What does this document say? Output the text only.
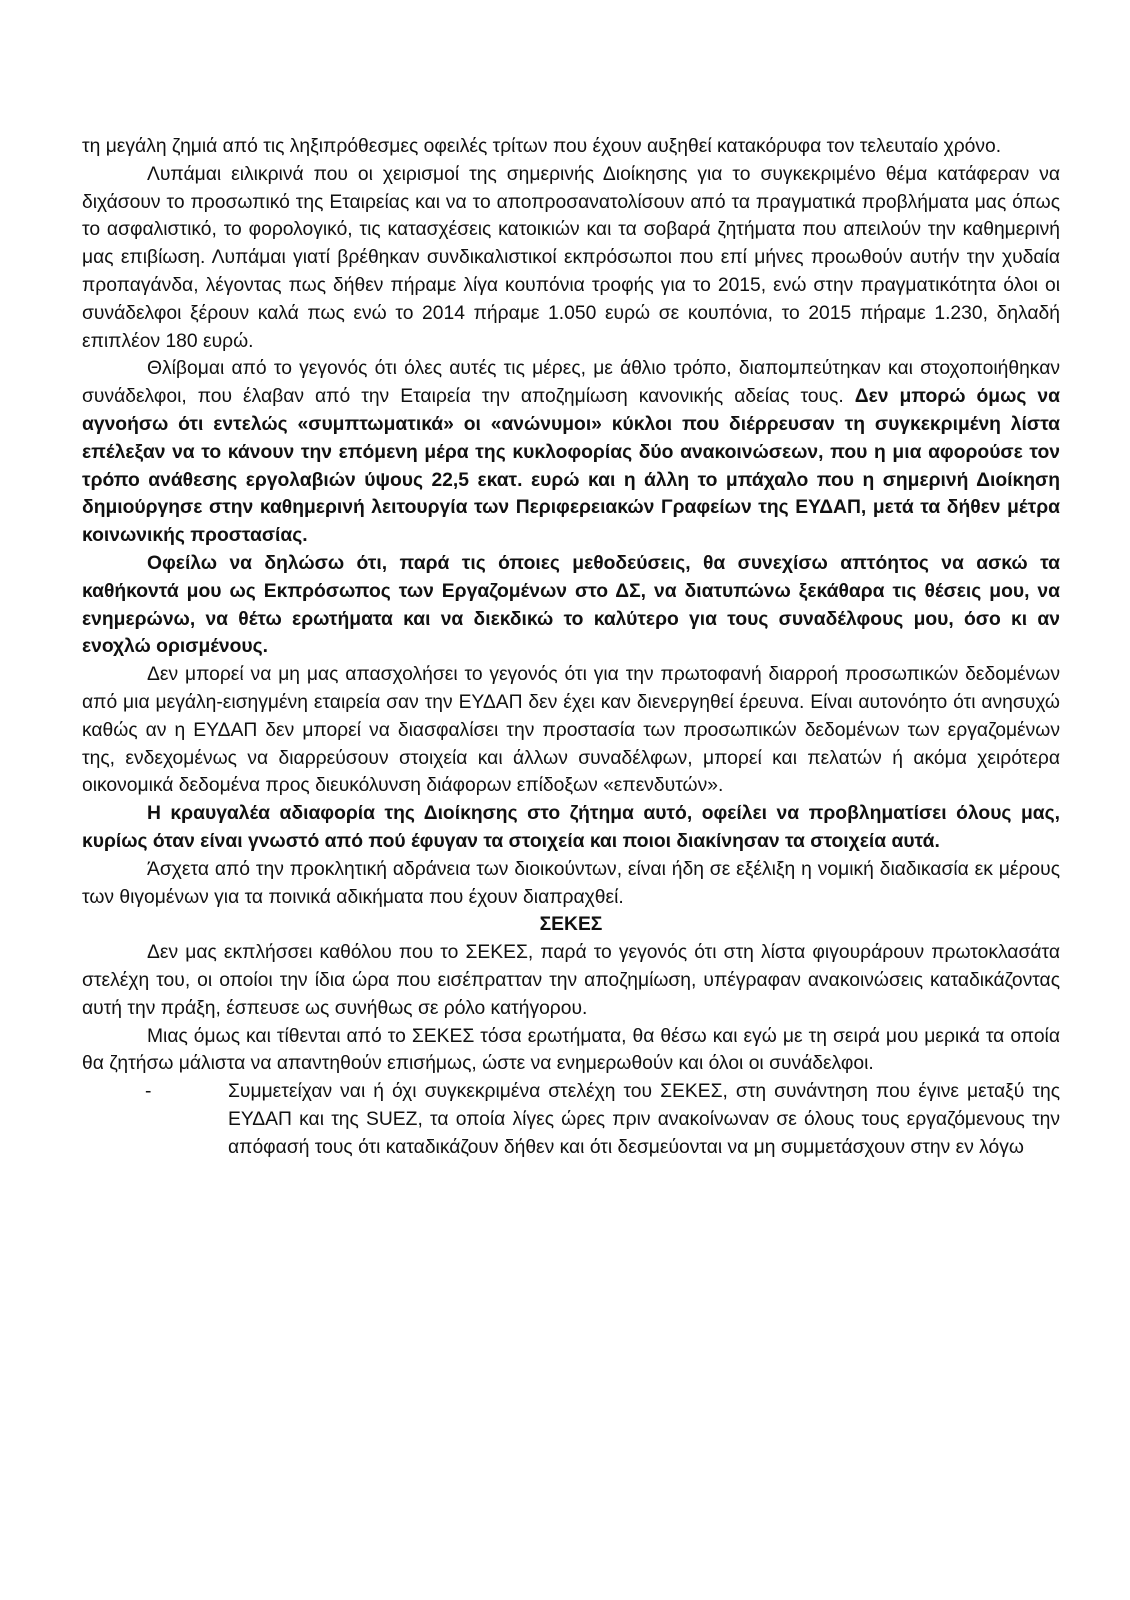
τη μεγάλη ζημιά από τις ληξιπρόθεσμες οφειλές τρίτων που έχουν αυξηθεί κατακόρυφα τον τελευταίο χρόνο.

Λυπάμαι ειλικρινά που οι χειρισμοί της σημερινής Διοίκησης για το συγκεκριμένο θέμα κατάφεραν να διχάσουν το προσωπικό της Εταιρείας και να το αποπροσανατολίσουν από τα πραγματικά προβλήματα μας όπως το ασφαλιστικό, το φορολογικό, τις κατασχέσεις κατοικιών και τα σοβαρά ζητήματα που απειλούν την καθημερινή μας επιβίωση. Λυπάμαι γιατί βρέθηκαν συνδικαλιστικοί εκπρόσωποι που επί μήνες προωθούν αυτήν την χυδαία προπαγάνδα, λέγοντας πως δήθεν πήραμε λίγα κουπόνια τροφής για το 2015, ενώ στην πραγματικότητα όλοι οι συνάδελφοι ξέρουν καλά πως ενώ το 2014 πήραμε 1.050 ευρώ σε κουπόνια, το 2015 πήραμε 1.230, δηλαδή επιπλέον 180 ευρώ.

Θλίβομαι από το γεγονός ότι όλες αυτές τις μέρες, με άθλιο τρόπο, διαπομπεύτηκαν και στοχοποιήθηκαν συνάδελφοι, που έλαβαν από την Εταιρεία την αποζημίωση κανονικής αδείας τους. Δεν μπορώ όμως να αγνοήσω ότι εντελώς «συμπτωματικά» οι «ανώνυμοι» κύκλοι που διέρρευσαν τη συγκεκριμένη λίστα επέλεξαν να το κάνουν την επόμενη μέρα της κυκλοφορίας δύο ανακοινώσεων, που η μια αφορούσε τον τρόπο ανάθεσης εργολαβιών ύψους 22,5 εκατ. ευρώ και η άλλη το μπάχαλο που η σημερινή Διοίκηση δημιούργησε στην καθημερινή λειτουργία των Περιφερειακών Γραφείων της ΕΥΔΑΠ, μετά τα δήθεν μέτρα κοινωνικής προστασίας.

Οφείλω να δηλώσω ότι, παρά τις όποιες μεθοδεύσεις, θα συνεχίσω απτόητος να ασκώ τα καθήκοντά μου ως Εκπρόσωπος των Εργαζομένων στο ΔΣ, να διατυπώνω ξεκάθαρα τις θέσεις μου, να ενημερώνω, να θέτω ερωτήματα και να διεκδικώ το καλύτερο για τους συναδέλφους μου, όσο κι αν ενοχλώ ορισμένους.

Δεν μπορεί να μη μας απασχολήσει το γεγονός ότι για την πρωτοφανή διαρροή προσωπικών δεδομένων από μια μεγάλη-εισηγμένη εταιρεία σαν την ΕΥΔΑΠ δεν έχει καν διενεργηθεί έρευνα. Είναι αυτονόητο ότι ανησυχώ καθώς αν η ΕΥΔΑΠ δεν μπορεί να διασφαλίσει την προστασία των προσωπικών δεδομένων των εργαζομένων της, ενδεχομένως να διαρρεύσουν στοιχεία και άλλων συναδέλφων, μπορεί και πελατών ή ακόμα χειρότερα οικονομικά δεδομένα προς διευκόλυνση διάφορων επίδοξων «επενδυτών».

Η κραυγαλέα αδιαφορία της Διοίκησης στο ζήτημα αυτό, οφείλει να προβληματίσει όλους μας, κυρίως όταν είναι γνωστό από πού έφυγαν τα στοιχεία και ποιοι διακίνησαν τα στοιχεία αυτά.

Άσχετα από την προκλητική αδράνεια των διοικούντων, είναι ήδη σε εξέλιξη η νομική διαδικασία εκ μέρους των θιγομένων για τα ποινικά αδικήματα που έχουν διαπραχθεί.

ΣΕΚΕΣ

Δεν μας εκπλήσσει καθόλου που το ΣΕΚΕΣ, παρά το γεγονός ότι στη λίστα φιγουράρουν πρωτοκλασάτα στελέχη του, οι οποίοι την ίδια ώρα που εισέπρατταν την αποζημίωση, υπέγραφαν ανακοινώσεις καταδικάζοντας αυτή την πράξη, έσπευσε ως συνήθως σε ρόλο κατήγορου.

Μιας όμως και τίθενται από το ΣΕΚΕΣ τόσα ερωτήματα, θα θέσω και εγώ με τη σειρά μου μερικά τα οποία θα ζητήσω μάλιστα να απαντηθούν επισήμως, ώστε να ενημερωθούν και όλοι οι συνάδελφοι.

-	Συμμετείχαν ναι ή όχι συγκεκριμένα στελέχη του ΣΕΚΕΣ, στη συνάντηση που έγινε μεταξύ της ΕΥΔΑΠ και της SUEZ, τα οποία λίγες ώρες πριν ανακοίνωναν σε όλους τους εργαζόμενους την απόφασή τους ότι καταδικάζουν δήθεν και ότι δεσμεύονται να μη συμμετάσχουν στην εν λόγω
